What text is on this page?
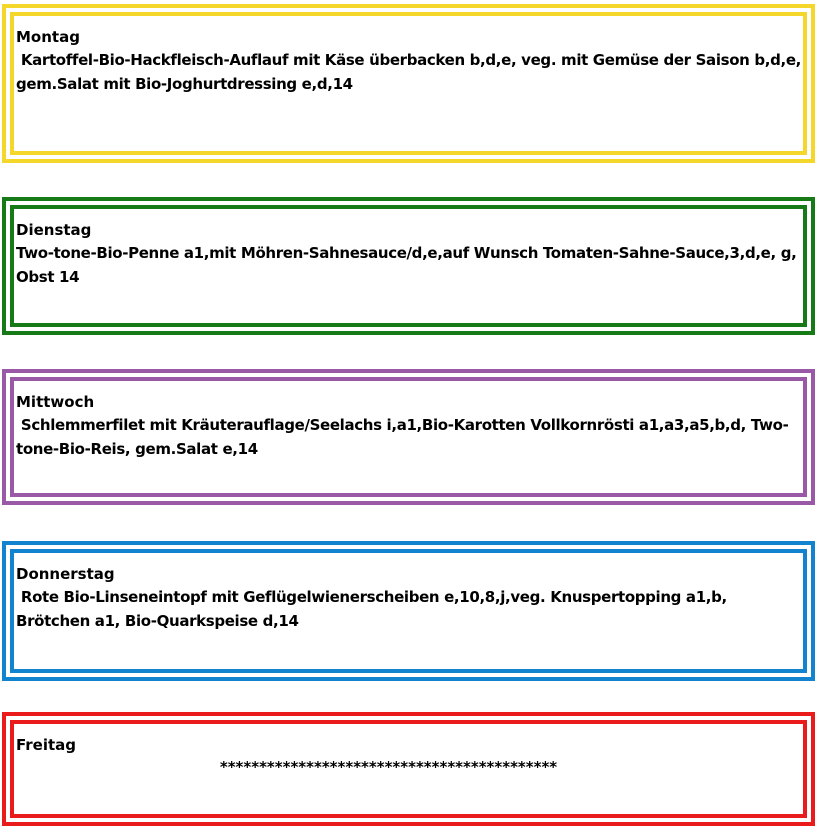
Montag
Kartoffel-Bio-Hackfleisch-Auflauf mit Käse überbacken b,d,e, veg. mit Gemüse der Saison b,d,e, gem.Salat mit Bio-Joghurtdressing e,d,14
Dienstag
Two-tone-Bio-Penne a1,mit Möhren-Sahnesauce/d,e,auf Wunsch Tomaten-Sahne-Sauce,3,d,e, g, Obst 14
Mittwoch
Schlemmerfilet mit Kräuterauflage/Seelachs i,a1,Bio-Karotten Vollkornrösti a1,a3,a5,b,d, Two-tone-Bio-Reis, gem.Salat e,14
Donnerstag
Rote Bio-Linseneintopf mit Geflügelwienerscheiben e,10,8,j,veg. Knuspertopping a1,b, Brötchen a1, Bio-Quarkspeise d,14
Freitag
*******************************************
